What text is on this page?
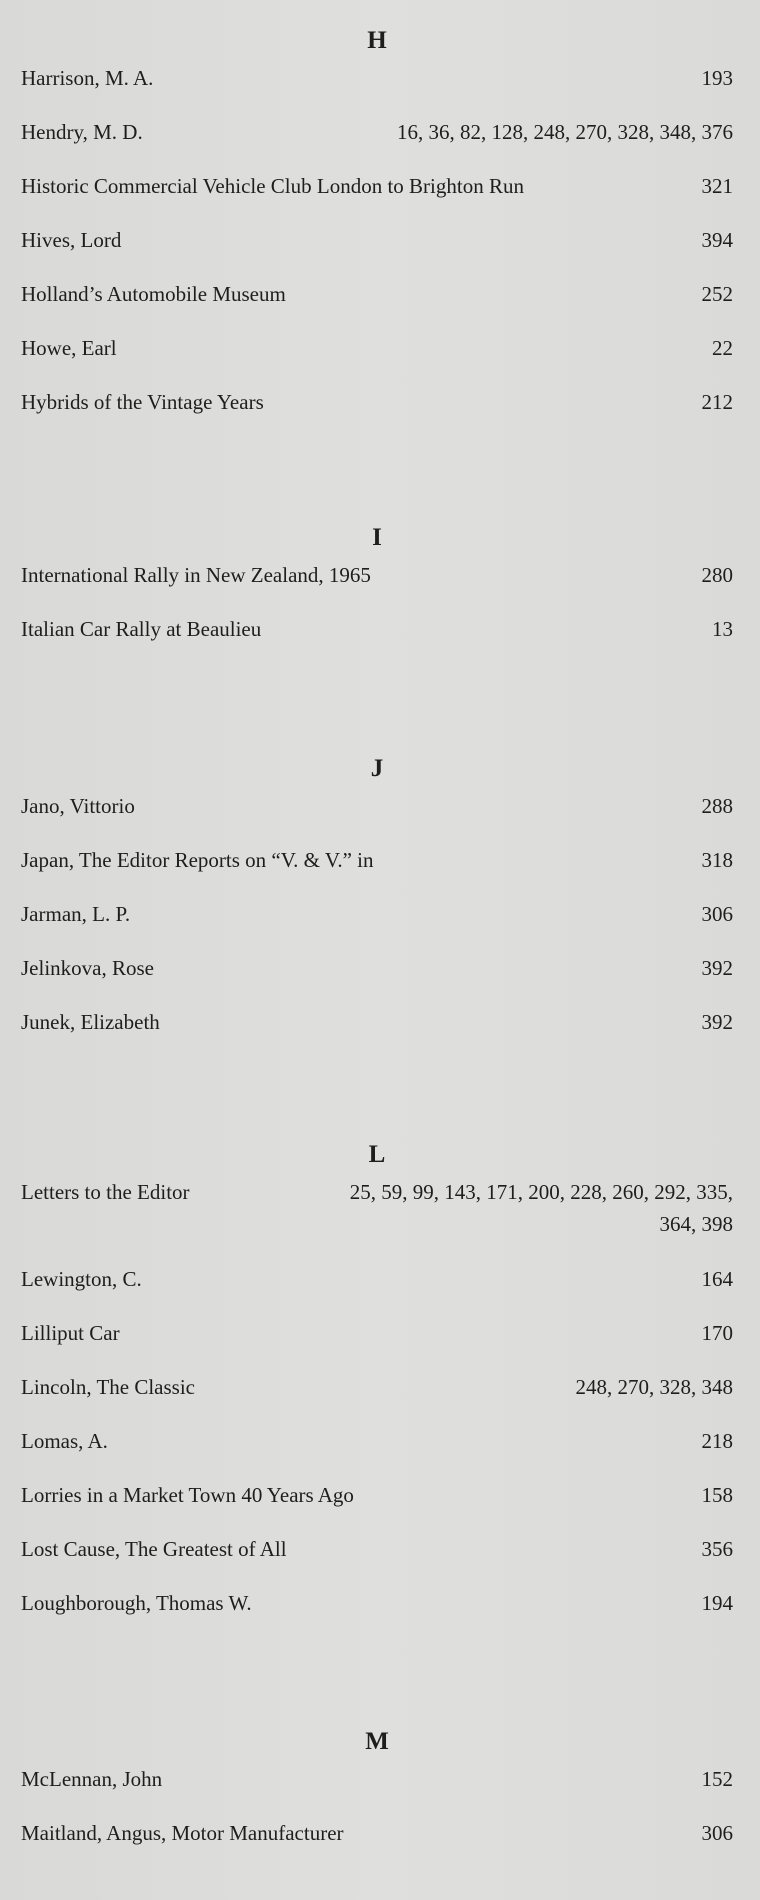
H
Harrison, M. A.	193
Hendry, M. D.	16, 36, 82, 128, 248, 270, 328, 348, 376
Historic Commercial Vehicle Club London to Brighton Run	321
Hives, Lord	394
Holland’s Automobile Museum	252
Howe, Earl	22
Hybrids of the Vintage Years	212
I
International Rally in New Zealand, 1965	280
Italian Car Rally at Beaulieu	13
J
Jano, Vittorio	288
Japan, The Editor Reports on “V. & V.” in	318
Jarman, L. P.	306
Jelinkova, Rose	392
Junek, Elizabeth	392
L
Letters to the Editor	25, 59, 99, 143, 171, 200, 228, 260, 292, 335, 364, 398
Lewington, C.	164
Lilliput Car	170
Lincoln, The Classic	248, 270, 328, 348
Lomas, A.	218
Lorries in a Market Town 40 Years Ago	158
Lost Cause, The Greatest of All	356
Loughborough, Thomas W.	194
M
McLennan, John	152
Maitland, Angus, Motor Manufacturer	306
